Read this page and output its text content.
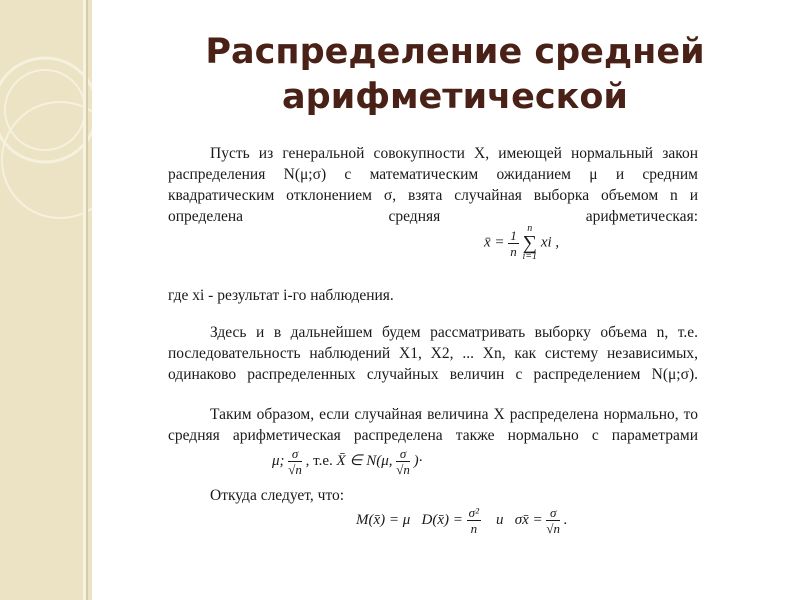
Распределение средней арифметической

Пусть из генеральной совокупности X, имеющей нормальный закон распределения N(μ;σ) с математическим ожиданием μ и средним квадратическим отклонением σ, взята случайная выборка объемом n и определена средняя арифметическая:

x̄ = $\frac{1}{n}$
n
∑
i=1
xi ,

где xi - результат i-го наблюдения.

Здесь и в дальнейшем будем рассматривать выборку объема n, т.е. последовательность наблюдений X1, X2, ... Xn, как систему независимых, одинаково распределенных случайных величин с распределением N(μ;σ).

Таким образом, если случайная величина X распределена нормально, то средняя арифметическая распределена также нормально с параметрами

μ; $\frac{\sigma}{√n}$ , т.е. X̄ ∈ N(μ, $\frac{\sigma}{√n}$ )·

Откуда следует, что:

M(x̄) = μ D(x̄) = $\frac{\text{σ²}}{n}$ и σx̄ = $\frac{\sigma}{√n}$ .
